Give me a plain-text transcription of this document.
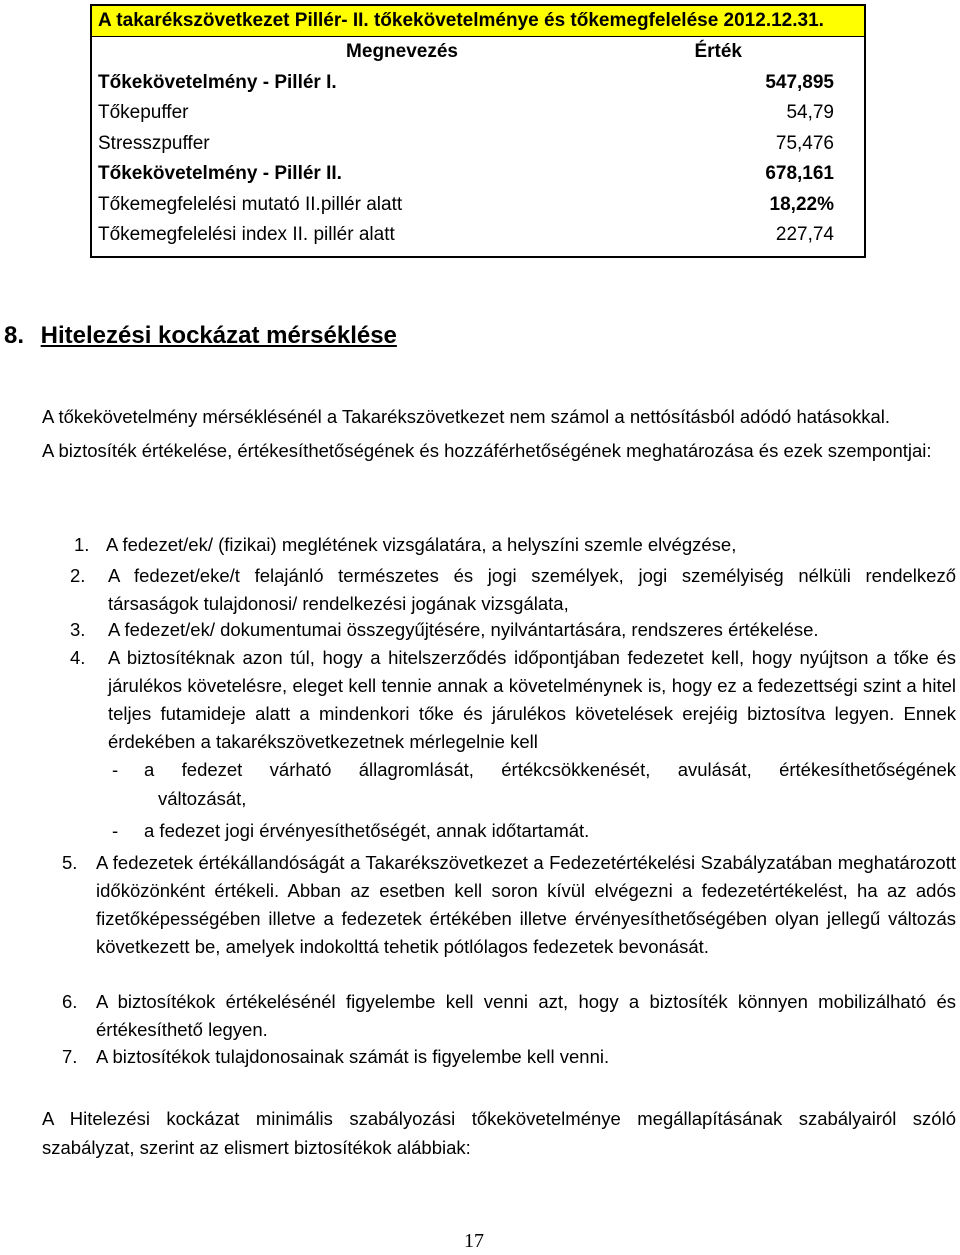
A takarékszövetkezet Pillér- II. tőkekövetelménye és tőkemegfelelése 2012.12.31.
Megnevezés	Érték
Tőkekövetelmény - Pillér I.	547,895
Tőkepuffer	54,79
Stresszpuffer	75,476
Tőkekövetelmény - Pillér II.	678,161
Tőkemegfelelési mutató II.pillér alatt	18,22%
Tőkemegfelelési index II. pillér alatt	227,74
8. Hitelezési kockázat mérséklése
A tőkekövetelmény mérséklésénél a Takarékszövetkezet nem számol a nettósításból adódó hatásokkal.
A biztosíték értékelése, értékesíthetőségének és hozzáférhetőségének meghatározása és ezek szempontjai:
1. A fedezet/ek/ (fizikai) meglétének vizsgálatára, a helyszíni szemle elvégzése,
2. A fedezet/eke/t felajánló természetes és jogi személyek, jogi személyiség nélküli rendelkező társaságok tulajdonosi/ rendelkezési jogának vizsgálata,
3. A fedezet/ek/ dokumentumai összegyűjtésére, nyilvántartására, rendszeres értékelése.
4. A biztosítéknak azon túl, hogy a hitelszerződés időpontjában fedezetet kell, hogy nyújtson a tőke és járulékos követelésre, eleget kell tennie annak a követelménynek is, hogy ez a fedezettségi szint a hitel teljes futamideje alatt a mindenkori tőke és járulékos követelések erejéig biztosítva legyen. Ennek érdekében a takarékszövetkezetnek mérlegelnie kell
- a fedezet várható állagromlását, értékcsökkenését, avulását, értékesíthetőségének
változását,
- a fedezet jogi érvényesíthetőségét, annak időtartamát.
5. A fedezetek értékállandóságát a Takarékszövetkezet a Fedezetértékelési Szabályzatában meghatározott időközönként értékeli. Abban az esetben kell soron kívül elvégezni a fedezetértékelést, ha az adós fizetőképességében illetve a fedezetek értékében illetve érvényesíthetőségében olyan jellegű változás következett be, amelyek indokolttá tehetik pótlólagos fedezetek bevonását.
6. A biztosítékok értékelésénél figyelembe kell venni azt, hogy a biztosíték könnyen mobilizálható és értékesíthető legyen.
7. A biztosítékok tulajdonosainak számát is figyelembe kell venni.
A Hitelezési kockázat minimális szabályozási tőkekövetelménye megállapításának szabályairól szóló szabályzat, szerint az elismert biztosítékok alábbiak:
17
